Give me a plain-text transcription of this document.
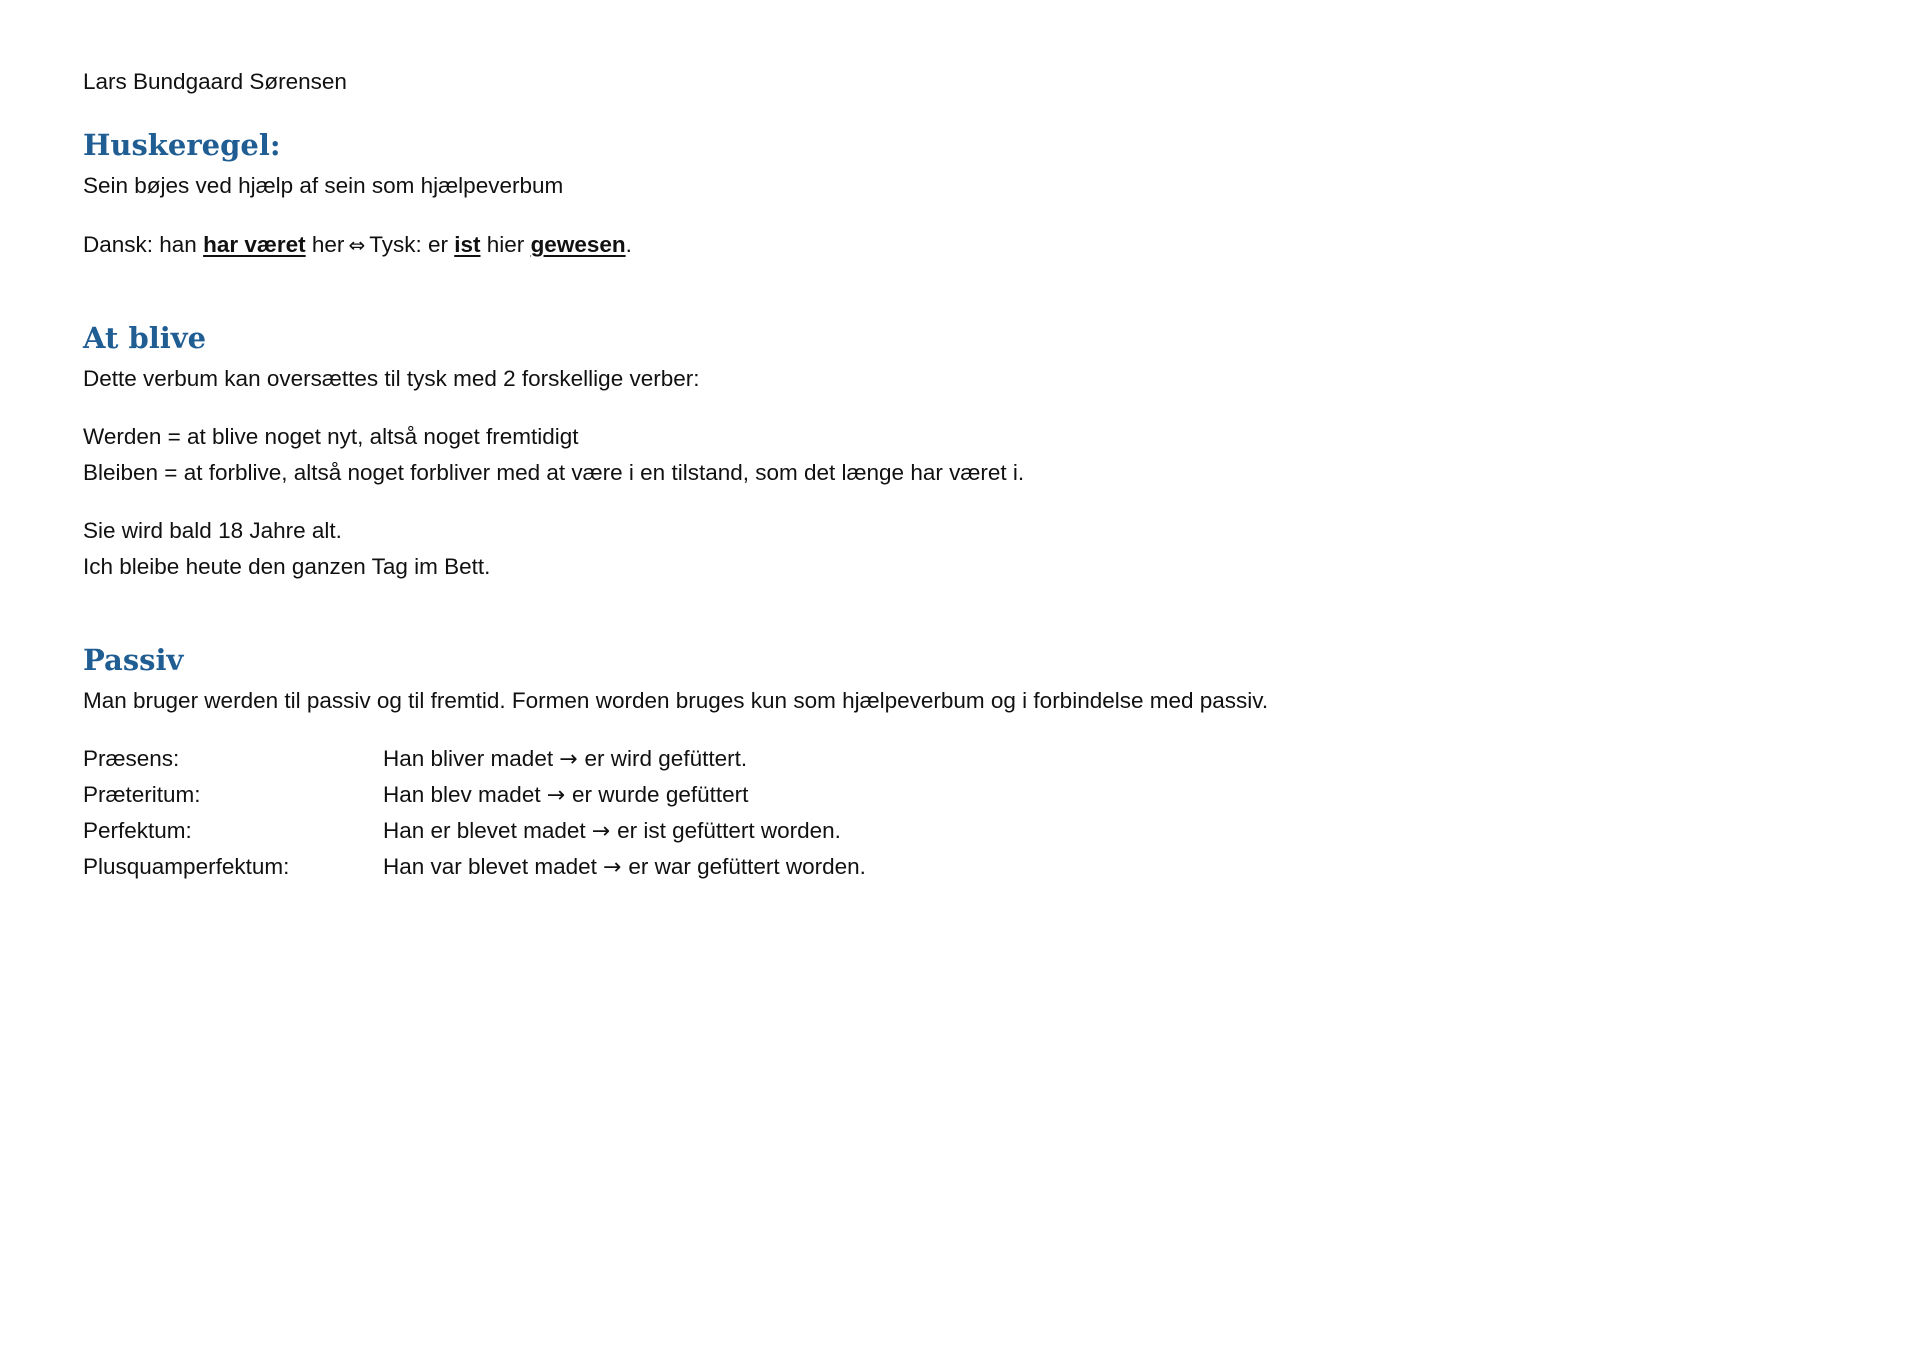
Lars Bundgaard Sørensen

Huskeregel:

Sein bøjes ved hjælp af sein som hjælpeverbum

Dansk: han har været her ⇔ Tysk: er ist hier gewesen.

At blive

Dette verbum kan oversættes til tysk med 2 forskellige verber:

Werden = at blive noget nyt, altså noget fremtidigt

Bleiben = at forblive, altså noget forbliver med at være i en tilstand, som det længe har været i.

Sie wird bald 18 Jahre alt.

Ich bleibe heute den ganzen Tag im Bett.

Passiv

Man bruger werden til passiv og til fremtid. Formen worden bruges kun som hjælpeverbum og i forbindelse med passiv.

Præsens:	Han bliver madet → er wird gefüttert.
Præteritum:	Han blev madet → er wurde gefüttert
Perfektum:	Han er blevet madet → er ist gefüttert worden.
Plusquamperfektum:	Han var blevet madet → er war gefüttert worden.
